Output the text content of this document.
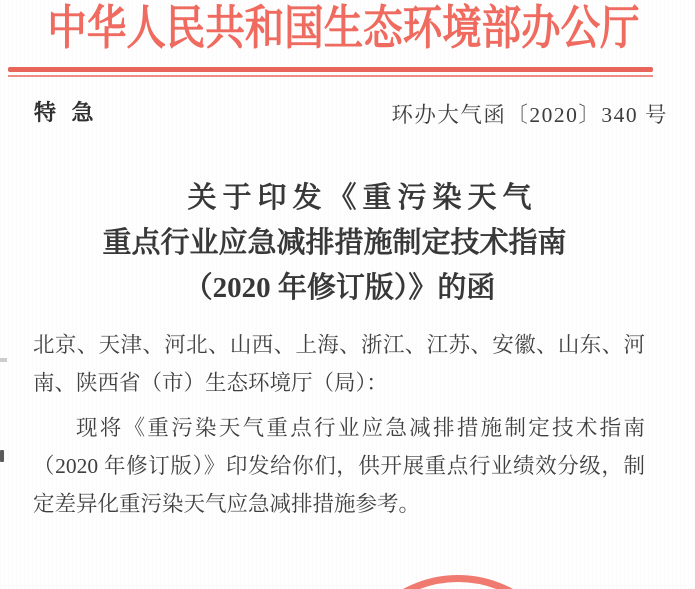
中华人民共和国生态环境部办公厅
特 急	环办大气函〔2020〕340 号
关于印发《重污染天气
重点行业应急减排措施制定技术指南
（2020 年修订版）》的函
北京、天津、河北、山西、上海、浙江、江苏、安徽、山东、河
南、陕西省（市）生态环境厅（局）：
现将《重污染天气重点行业应急减排措施制定技术指南
（2020 年修订版）》印发给你们，供开展重点行业绩效分级，制
定差异化重污染天气应急减排措施参考。
